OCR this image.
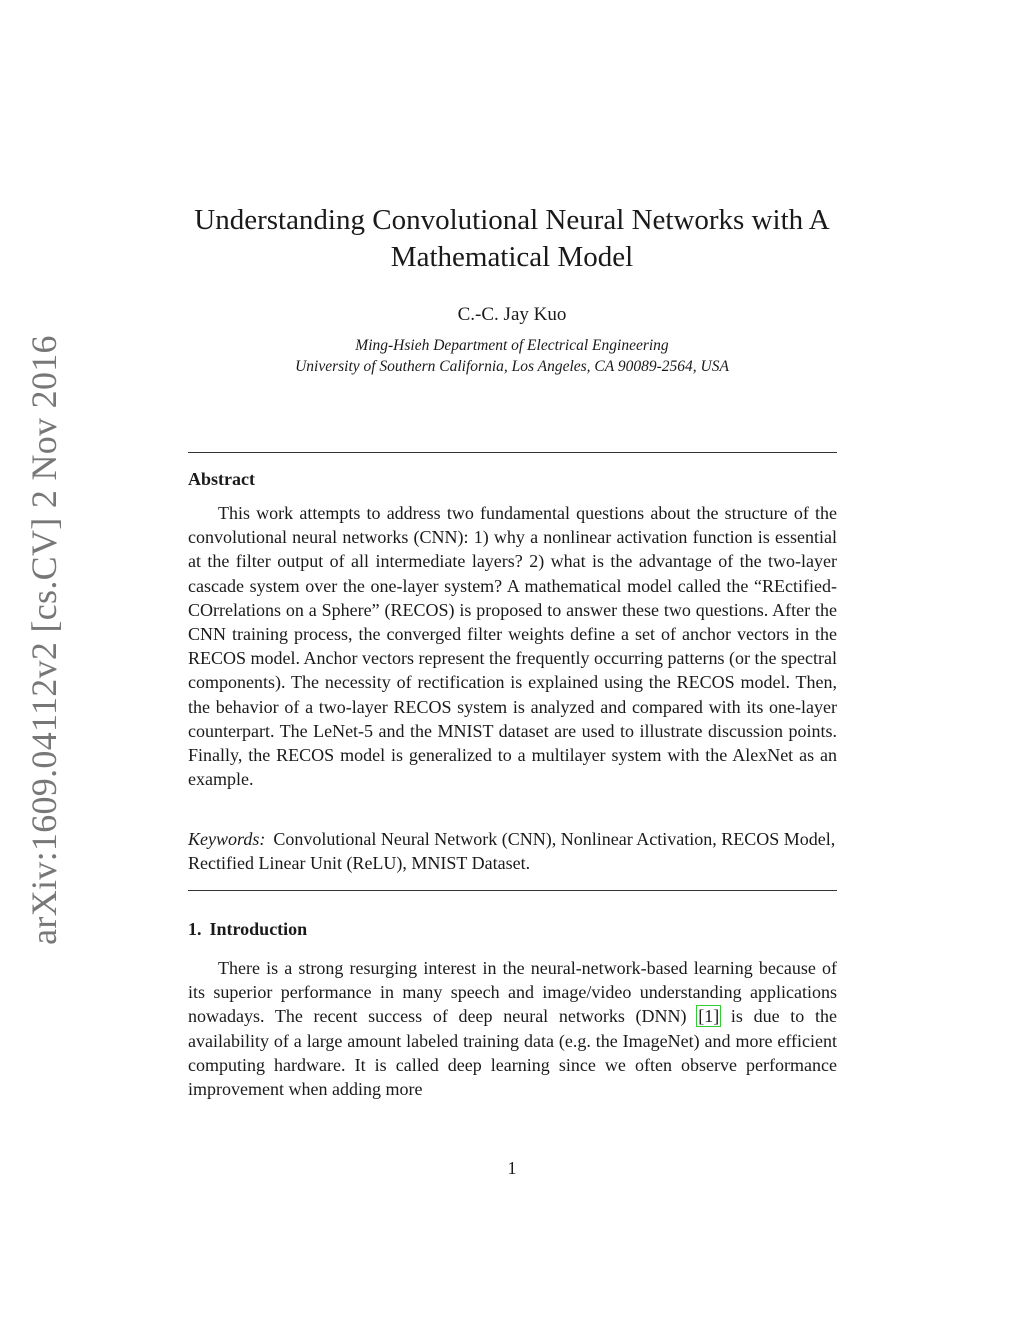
arXiv:1609.04112v2 [cs.CV] 2 Nov 2016
Understanding Convolutional Neural Networks with A
Mathematical Model
C.-C. Jay Kuo
Ming-Hsieh Department of Electrical Engineering
University of Southern California, Los Angeles, CA 90089-2564, USA
Abstract

This work attempts to address two fundamental questions about the structure of the convolutional neural networks (CNN): 1) why a nonlinear activation function is essential at the filter output of all intermediate layers? 2) what is the advantage of the two-layer cascade system over the one-layer system? A mathematical model called the “REctified-COrrelations on a Sphere” (RECOS) is proposed to answer these two questions. After the CNN training process, the converged filter weights define a set of anchor vectors in the RECOS model. Anchor vectors represent the frequently occurring patterns (or the spectral components). The necessity of rectification is explained using the RECOS model. Then, the behavior of a two-layer RECOS system is analyzed and compared with its one-layer counterpart. The LeNet-5 and the MNIST dataset are used to illustrate discussion points. Finally, the RECOS model is generalized to a multilayer system with the AlexNet as an example.

Keywords: Convolutional Neural Network (CNN), Nonlinear Activation, RECOS Model, Rectified Linear Unit (ReLU), MNIST Dataset.

1. Introduction

There is a strong resurging interest in the neural-network-based learning because of its superior performance in many speech and image/video understanding applications nowadays. The recent success of deep neural networks (DNN) [1] is due to the availability of a large amount labeled training data (e.g. the ImageNet) and more efficient computing hardware. It is called deep learning since we often observe performance improvement when adding more

1
